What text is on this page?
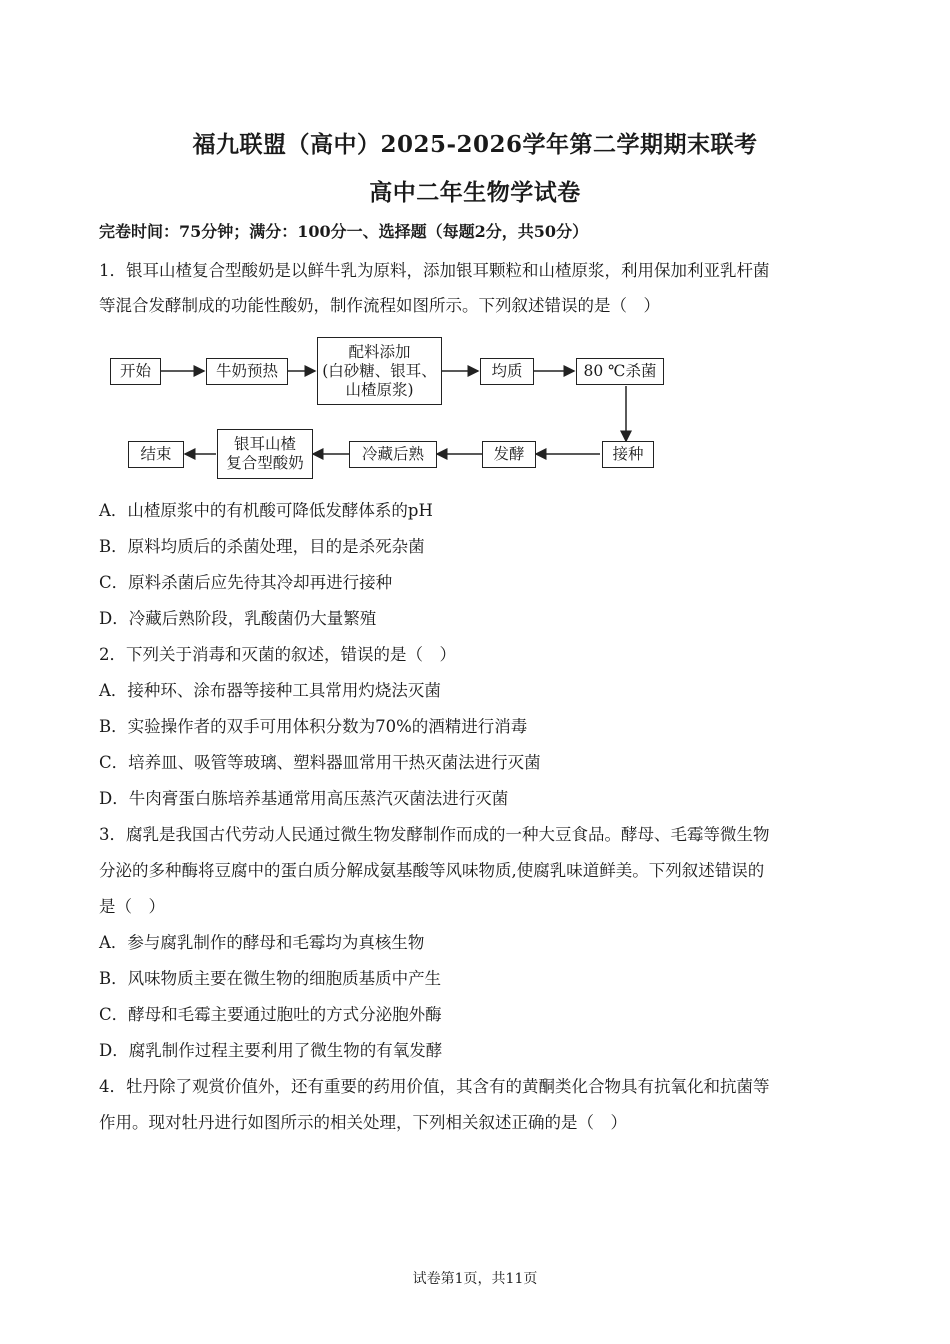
福九联盟（高中）2025-2026学年第二学期期末联考
高中二年生物学试卷
完卷时间：75分钟；满分：100分一、选择题（每题2分，共50分）
1．银耳山楂复合型酸奶是以鲜牛乳为原料，添加银耳颗粒和山楂原浆，利用保加利亚乳杆菌
等混合发酵制成的功能性酸奶，制作流程如图所示。下列叙述错误的是（　）
开始	牛奶预热
配料添加
(白砂糖、银耳、
山楂原浆)
均质	80 ℃杀菌
接种
发酵
冷藏后熟
银耳山楂
复合型酸奶
结束
A．山楂原浆中的有机酸可降低发酵体系的pH
B．原料均质后的杀菌处理，目的是杀死杂菌
C．原料杀菌后应先待其冷却再进行接种
D．冷藏后熟阶段，乳酸菌仍大量繁殖
2．下列关于消毒和灭菌的叙述，错误的是（　）
A．接种环、涂布器等接种工具常用灼烧法灭菌
B．实验操作者的双手可用体积分数为70%的酒精进行消毒
C．培养皿、吸管等玻璃、塑料器皿常用干热灭菌法进行灭菌
D．牛肉膏蛋白胨培养基通常用高压蒸汽灭菌法进行灭菌
3．腐乳是我国古代劳动人民通过微生物发酵制作而成的一种大豆食品。酵母、毛霉等微生物
分泌的多种酶将豆腐中的蛋白质分解成氨基酸等风味物质,使腐乳味道鲜美。下列叙述错误的
是（　）
A．参与腐乳制作的酵母和毛霉均为真核生物
B．风味物质主要在微生物的细胞质基质中产生
C．酵母和毛霉主要通过胞吐的方式分泌胞外酶
D．腐乳制作过程主要利用了微生物的有氧发酵
4．牡丹除了观赏价值外，还有重要的药用价值，其含有的黄酮类化合物具有抗氧化和抗菌等
作用。现对牡丹进行如图所示的相关处理，下列相关叙述正确的是（　）
试卷第1页，共11页
